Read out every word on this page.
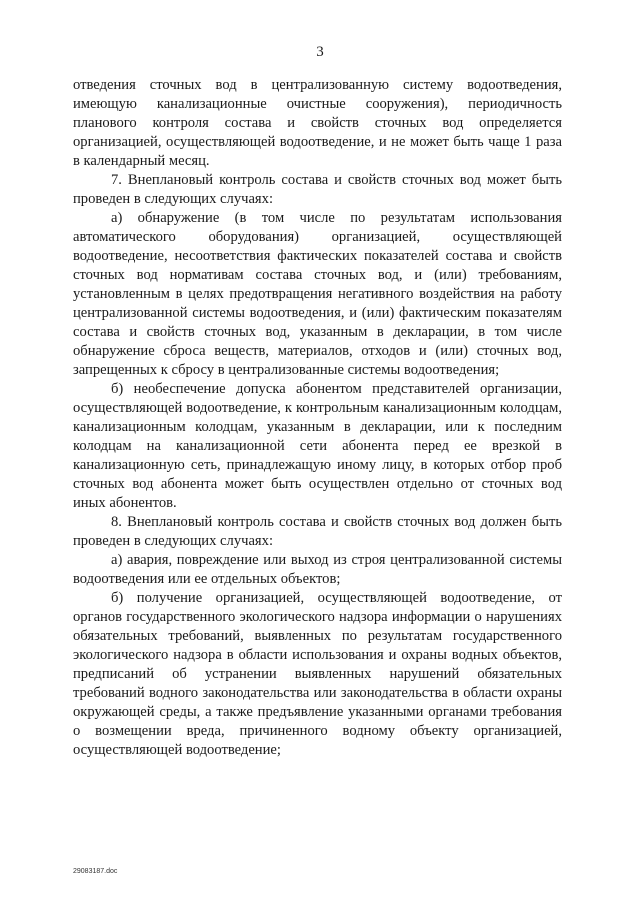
3

отведения сточных вод в централизованную систему водоотведения, имеющую канализационные очистные сооружения), периодичность планового контроля состава и свойств сточных вод определяется организацией, осуществляющей водоотведение, и не может быть чаще 1 раза в календарный месяц.

7. Внеплановый контроль состава и свойств сточных вод может быть проведен в следующих случаях:

а) обнаружение (в том числе по результатам использования автоматического оборудования) организацией, осуществляющей водоотведение, несоответствия фактических показателей состава и свойств сточных вод нормативам состава сточных вод, и (или) требованиям, установленным в целях предотвращения негативного воздействия на работу централизованной системы водоотведения, и (или) фактическим показателям состава и свойств сточных вод, указанным в декларации, в том числе обнаружение сброса веществ, материалов, отходов и (или) сточных вод, запрещенных к сбросу в централизованные системы водоотведения;

б) необеспечение допуска абонентом представителей организации, осуществляющей водоотведение, к контрольным канализационным колодцам, канализационным колодцам, указанным в декларации, или к последним колодцам на канализационной сети абонента перед ее врезкой в канализационную сеть, принадлежащую иному лицу, в которых отбор проб сточных вод абонента может быть осуществлен отдельно от сточных вод иных абонентов.

8. Внеплановый контроль состава и свойств сточных вод должен быть проведен в следующих случаях:

а) авария, повреждение или выход из строя централизованной системы водоотведения или ее отдельных объектов;

б) получение организацией, осуществляющей водоотведение, от органов государственного экологического надзора информации о нарушениях обязательных требований, выявленных по результатам государственного экологического надзора в области использования и охраны водных объектов, предписаний об устранении выявленных нарушений обязательных требований водного законодательства или законодательства в области охраны окружающей среды, а также предъявление указанными органами требования о возмещении вреда, причиненного водному объекту организацией, осуществляющей водоотведение;

29083187.doc
